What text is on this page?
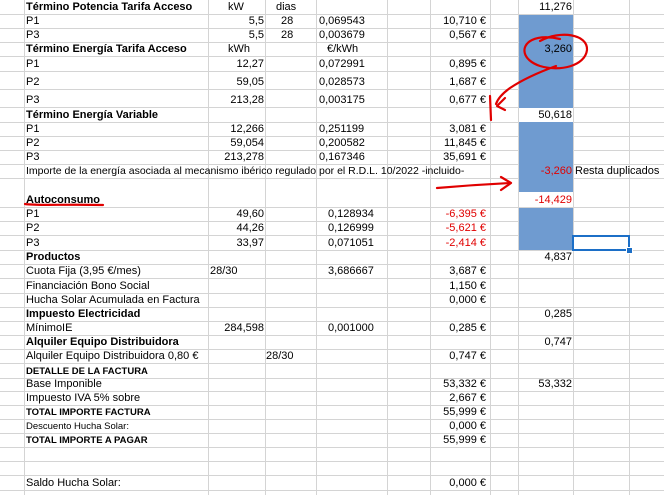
Término Potencia Tarifa Acceso	kW	dias	11,276
P1	5,5 28 0,069543	10,710 €
P3	5,5 28 0,003679	0,567 €
Término Energía Tarifa Acceso	kWh	€/kWh	3,260
P1	12,27	0,072991	0,895 €
P2	59,05	0,028573	1,687 €
P3	213,28	0,003175	0,677 €
Término Energía Variable	50,618
P1	12,266	0,251199	3,081 €
P2	59,054	0,200582	11,845 €
P3	213,278	0,167346	35,691 €
Importe de la energía asociada al mecanismo ibérico regulado por el R.D.L. 10/2022 -incluido-	-3,260 Resta duplicados
Autoconsumo	-14,429
P1	49,60	0,128934	-6,395 €
P2	44,26	0,126999	-5,621 €
P3	33,97	0,071051	-2,414 €
Productos	4,837
Cuota Fija (3,95 €/mes)	28/30	3,686667	3,687 €
Financiación Bono Social	1,150 €
Hucha Solar Acumulada en Factura	0,000 €
Impuesto Electricidad	0,285
MínimoIE	284,598	0,001000	0,285 €
Alquiler Equipo Distribuidora	0,747
Alquiler Equipo Distribuidora 0,80 €	28/30	0,747 €
DETALLE DE LA FACTURA
Base Imponible	53,332 €	53,332
Impuesto IVA 5% sobre	2,667 €
TOTAL IMPORTE FACTURA	55,999 €
Descuento Hucha Solar:	0,000 €
TOTAL IMPORTE A PAGAR	55,999 €
Saldo Hucha Solar:	0,000 €
